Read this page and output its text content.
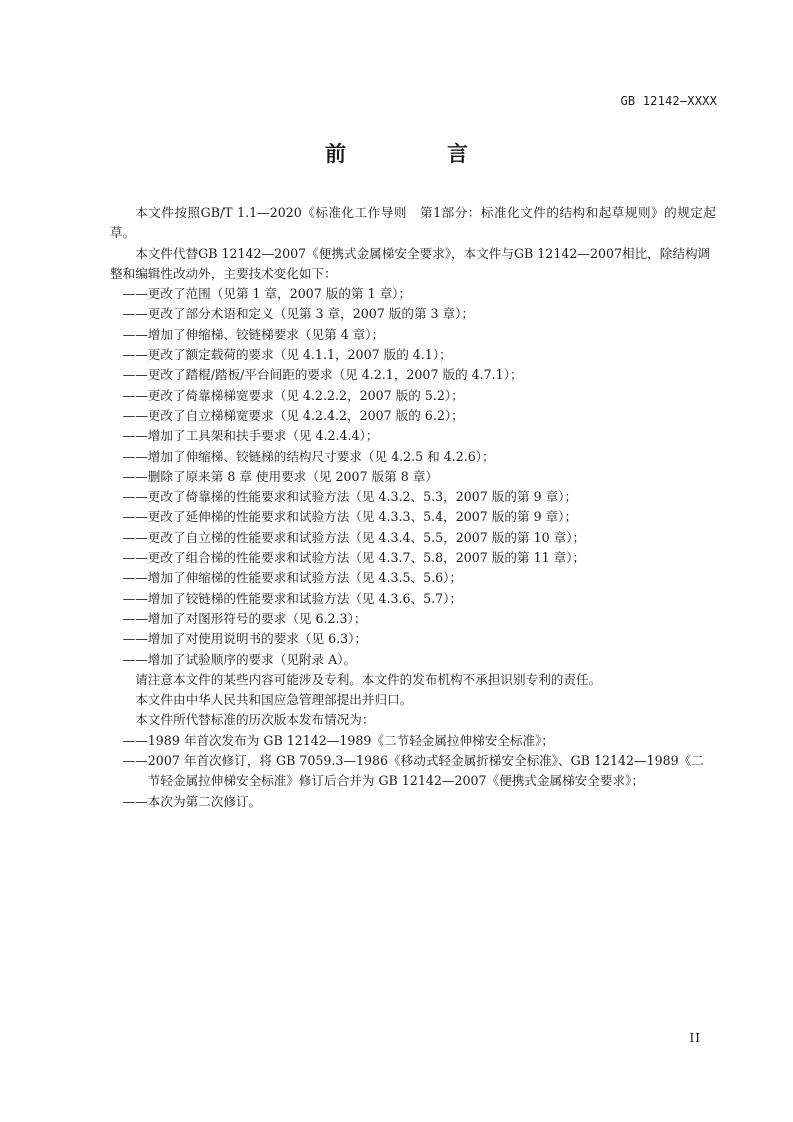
GB 12142—XXXX
前　言
本文件按照GB/T 1.1—2020《标准化工作导则　第1部分：标准化文件的结构和起草规则》的规定起草。
本文件代替GB 12142—2007《便携式金属梯安全要求》，本文件与GB 12142—2007相比，除结构调整和编辑性改动外，主要技术变化如下：
——更改了范围（见第 1 章，2007 版的第 1 章）；
——更改了部分术语和定义（见第 3 章，2007 版的第 3 章）；
——增加了伸缩梯、铰链梯要求（见第 4 章）；
——更改了额定载荷的要求（见 4.1.1，2007 版的 4.1）；
——更改了踏棍/踏板/平台间距的要求（见 4.2.1，2007 版的 4.7.1）；
——更改了倚靠梯梯宽要求（见 4.2.2.2，2007 版的 5.2）；
——更改了自立梯梯宽要求（见 4.2.4.2，2007 版的 6.2）；
——增加了工具架和扶手要求（见 4.2.4.4）；
——增加了伸缩梯、铰链梯的结构尺寸要求（见 4.2.5 和 4.2.6）；
——删除了原来第 8 章 使用要求（见 2007 版第 8 章）
——更改了倚靠梯的性能要求和试验方法（见 4.3.2、5.3，2007 版的第 9 章）；
——更改了延伸梯的性能要求和试验方法（见 4.3.3、5.4，2007 版的第 9 章）；
——更改了自立梯的性能要求和试验方法（见 4.3.4、5.5，2007 版的第 10 章）；
——更改了组合梯的性能要求和试验方法（见 4.3.7、5.8，2007 版的第 11 章）；
——增加了伸缩梯的性能要求和试验方法（见 4.3.5、5.6）；
——增加了铰链梯的性能要求和试验方法（见 4.3.6、5.7）；
——增加了对图形符号的要求（见 6.2.3）；
——增加了对使用说明书的要求（见 6.3）；
——增加了试验顺序的要求（见附录 A）。
请注意本文件的某些内容可能涉及专利。本文件的发布机构不承担识别专利的责任。
本文件由中华人民共和国应急管理部提出并归口。
本文件所代替标准的历次版本发布情况为：
——1989 年首次发布为 GB 12142—1989《二节轻金属拉伸梯安全标准》；
——2007 年首次修订，将 GB 7059.3—1986《移动式轻金属折梯安全标准》、GB 12142—1989《二节轻金属拉伸梯安全标准》修订后合并为 GB 12142—2007《便携式金属梯安全要求》；
——本次为第二次修订。
II
